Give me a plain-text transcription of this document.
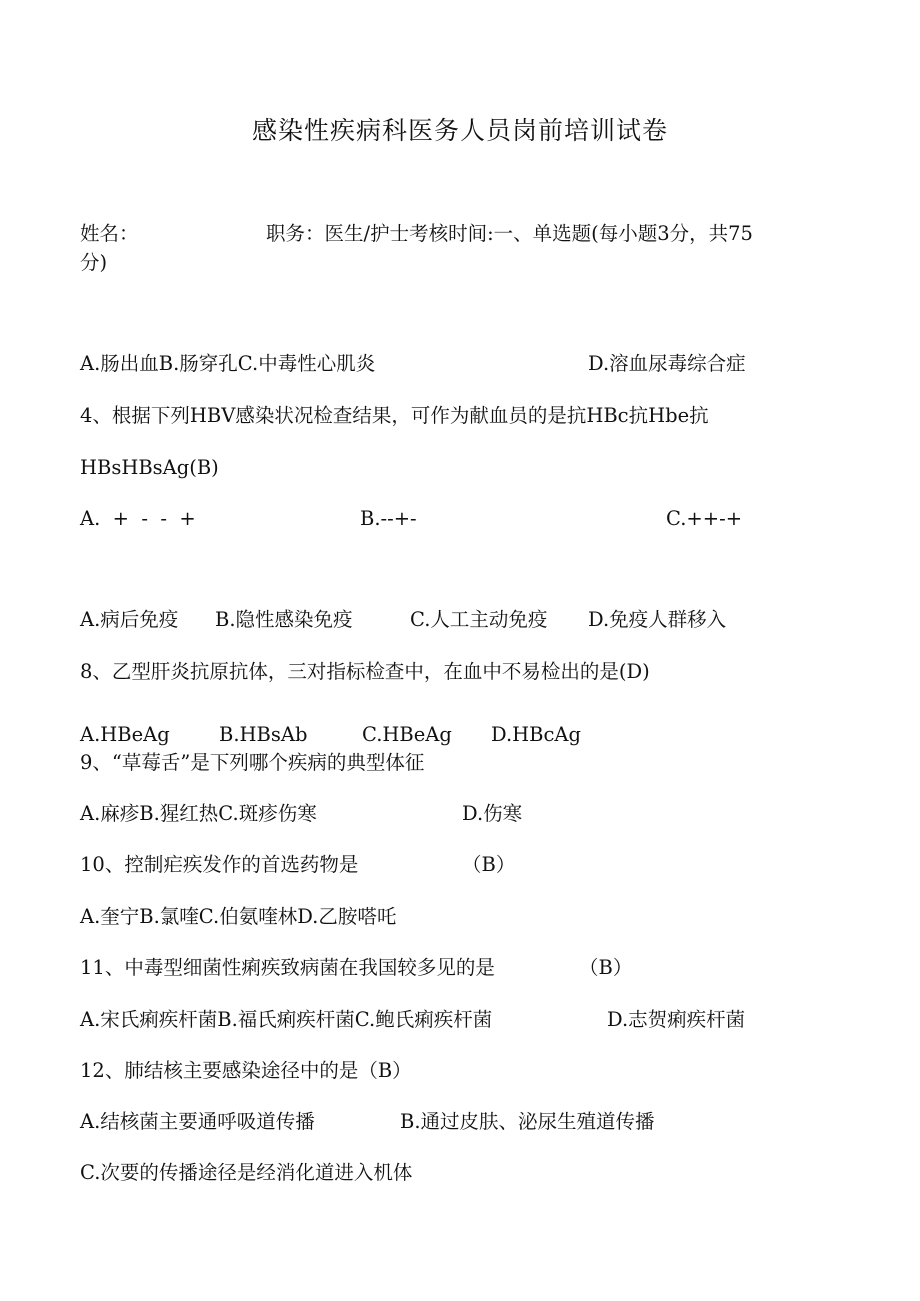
感染性疾病科医务人员岗前培训试卷
姓名：	职务：医生/护士考核时间:一、单选题(每小题3分，共75
分)
A.肠出血B.肠穿孔C.中毒性心肌炎	D.溶血尿毒综合症
4、根据下列HBV感染状况检查结果，可作为献血员的是抗HBc抗Hbe抗
HBsHBsAg(B)
A.  +  -  -  +	B.--+-	C.++-+
A.病后免疫 B.隐性感染免疫	C.人工主动免疫 D.免疫人群移入
8、乙型肝炎抗原抗体，三对指标检查中，在血中不易检出的是(D)
A.HBeAg	B.HBsAb	C.HBeAg D.HBcAg
9、“草莓舌”是下列哪个疾病的典型体征
A.麻疹B.猩红热C.斑疹伤寒	D.伤寒
10、控制疟疾发作的首选药物是	（B）
A.奎宁B.氯喹C.伯氨喹林D.乙胺嗒吒
11、中毒型细菌性痢疾致病菌在我国较多见的是	（B）
A.宋氏痢疾杆菌B.福氏痢疾杆菌C.鲍氏痢疾杆菌	D.志贺痢疾杆菌
12、肺结核主要感染途径中的是（B）
A.结核菌主要通呼吸道传播	B.通过皮肤、泌尿生殖道传播
C.次要的传播途径是经消化道进入机体
